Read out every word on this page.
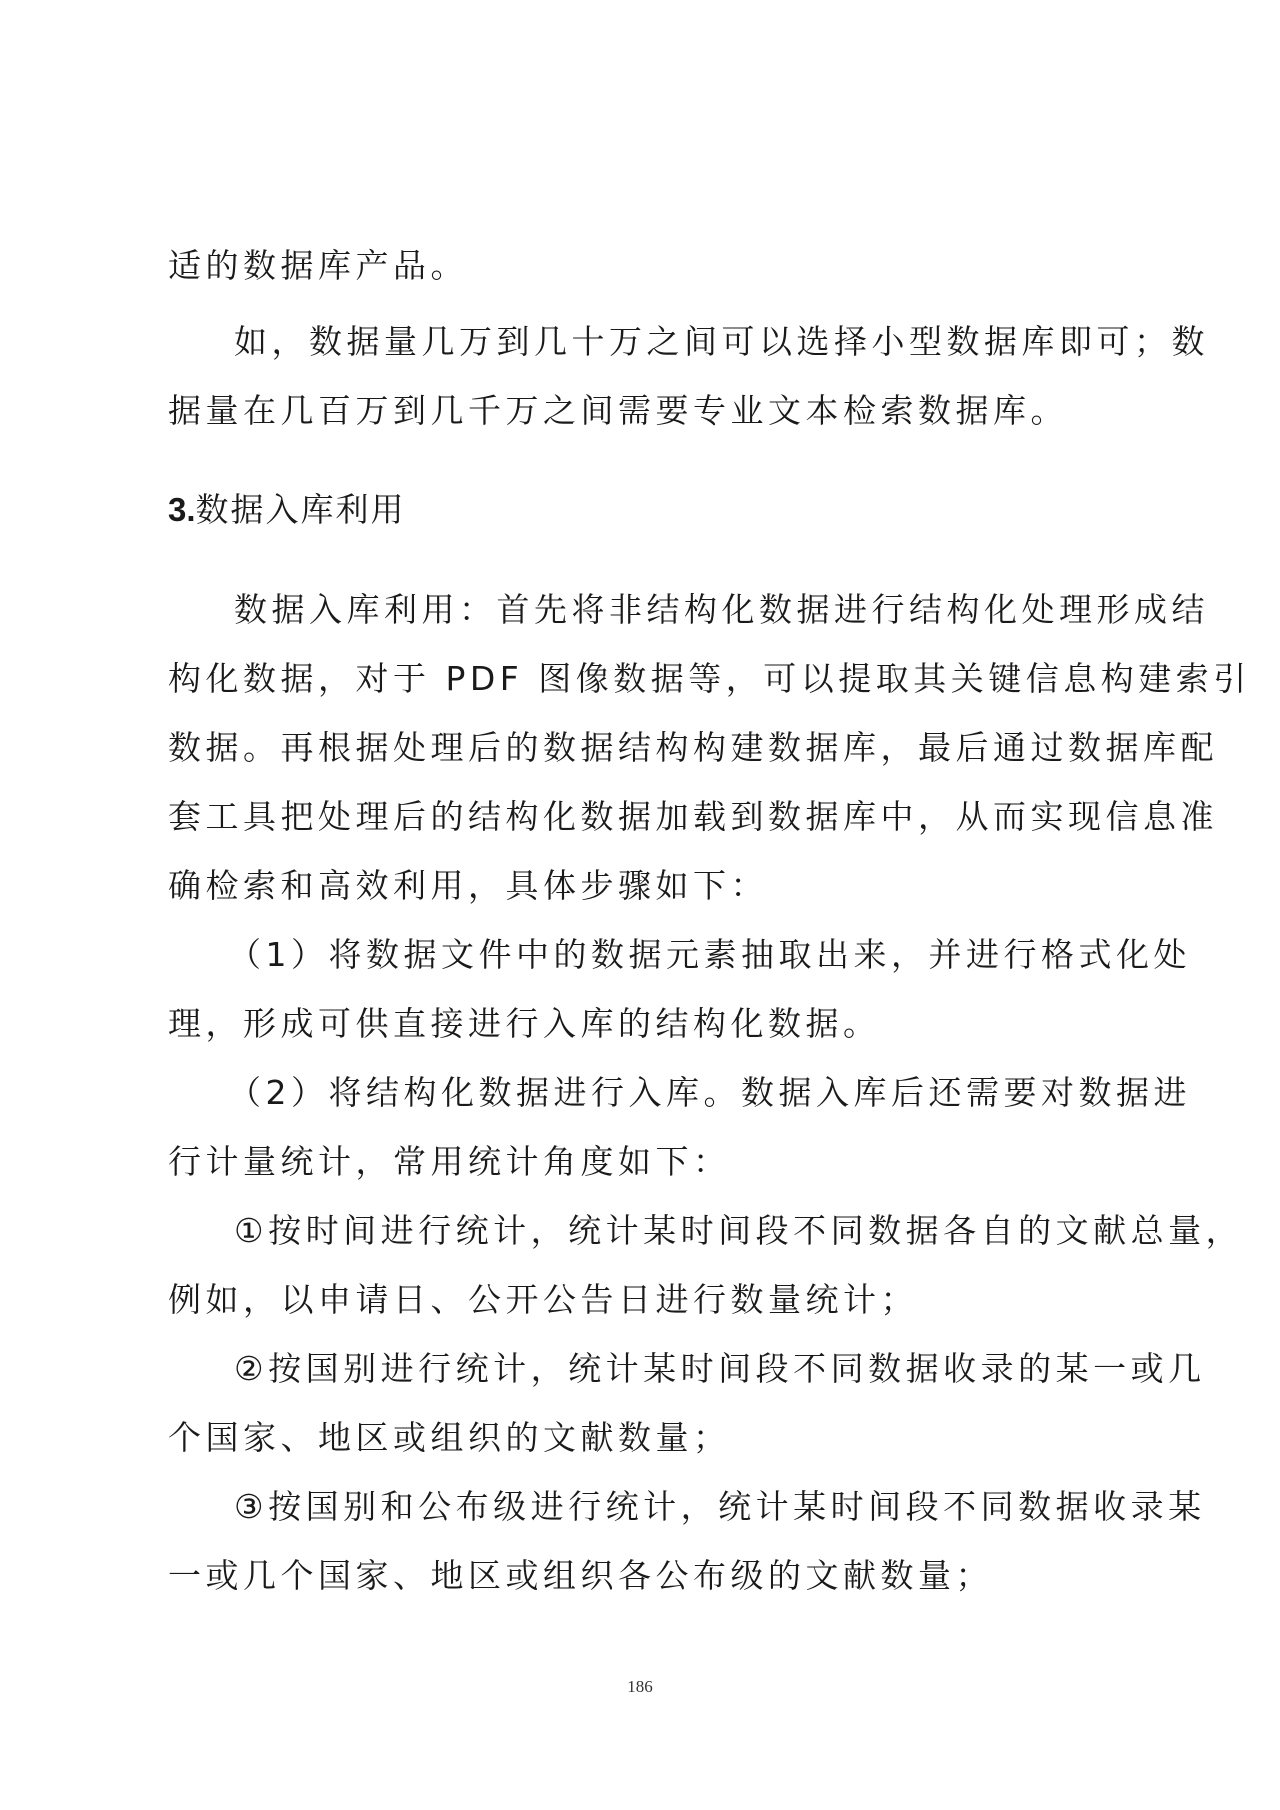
适的数据库产品。
如，数据量几万到几十万之间可以选择小型数据库即可；数
据量在几百万到几千万之间需要专业文本检索数据库。
3.数据入库利用
数据入库利用：首先将非结构化数据进行结构化处理形成结
构化数据，对于 PDF 图像数据等，可以提取其关键信息构建索引
数据。再根据处理后的数据结构构建数据库，最后通过数据库配
套工具把处理后的结构化数据加载到数据库中，从而实现信息准
确检索和高效利用，具体步骤如下：
（1）将数据文件中的数据元素抽取出来，并进行格式化处
理，形成可供直接进行入库的结构化数据。
（2）将结构化数据进行入库。数据入库后还需要对数据进
行计量统计，常用统计角度如下：
①按时间进行统计，统计某时间段不同数据各自的文献总量，
例如，以申请日、公开公告日进行数量统计；
②按国别进行统计，统计某时间段不同数据收录的某一或几
个国家、地区或组织的文献数量；
③按国别和公布级进行统计，统计某时间段不同数据收录某
一或几个国家、地区或组织各公布级的文献数量；
186
